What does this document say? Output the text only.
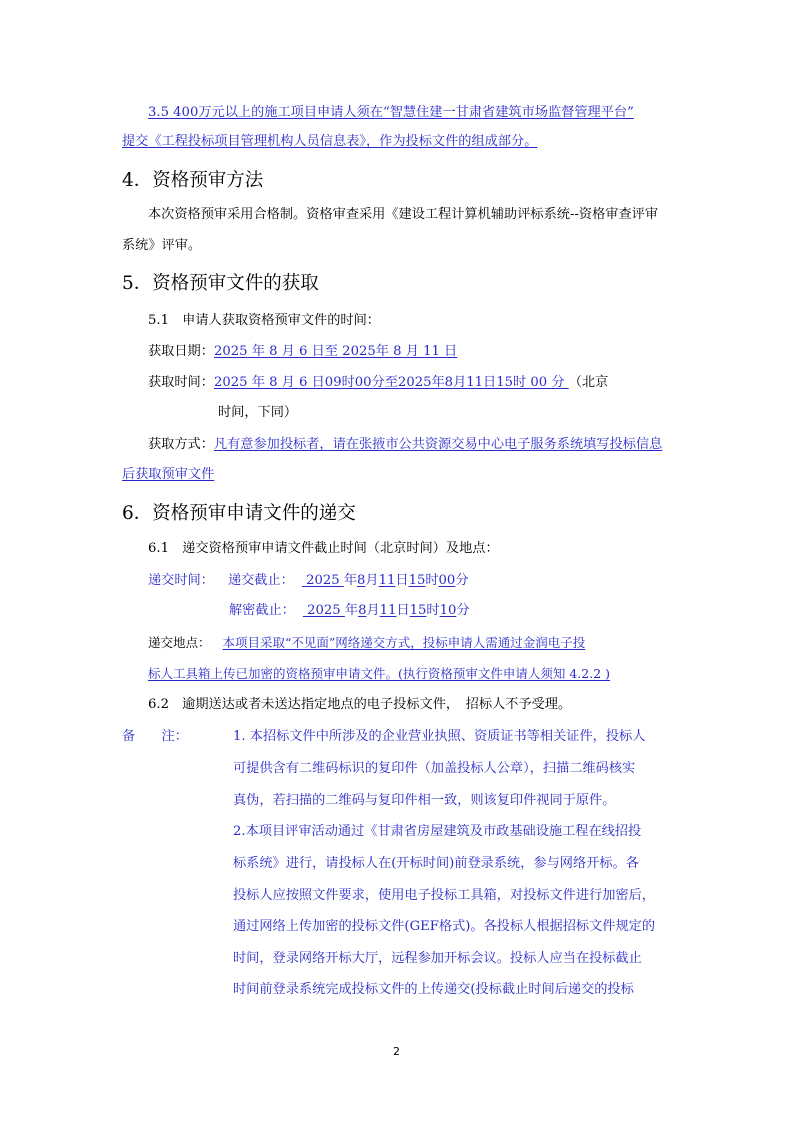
3.5 400万元以上的施工项目申请人须在“智慧住建一甘肃省建筑市场监督管理平台”
提交《工程投标项目管理机构人员信息表》，作为投标文件的组成部分。
4．资格预审方法
本次资格预审采用合格制。资格审查采用《建设工程计算机辅助评标系统--资格审查评审
系统》评审。
5．资格预审文件的获取
5.1　申请人获取资格预审文件的时间：
获取日期：2025 年 8 月 6 日至 2025年 8 月 11 日
获取时间：2025 年 8 月 6 日09时00分至2025年8月11日15时 00 分 （北京
时间，下同）
获取方式：凡有意参加投标者，请在张掖市公共资源交易中心电子服务系统填写投标信息
后获取预审文件
6．资格预审申请文件的递交
6.1　递交资格预审申请文件截止时间（北京时间）及地点：
递交时间： 递交截止： 2025 年8月11日15时00分
解密截止： 2025 年8月11日15时10分
递交地点： 本项目采取“不见面”网络递交方式，投标申请人需通过金润电子投
标人工具箱上传已加密的资格预审申请文件。(执行资格预审文件申请人须知 4.2.2 )
6.2　逾期送达或者未送达指定地点的电子投标文件，　招标人不予受理。
备　　注：	1. 本招标文件中所涉及的企业营业执照、资质证书等相关证件，投标人
可提供含有二维码标识的复印件（加盖投标人公章），扫描二维码核实
真伪，若扫描的二维码与复印件相一致，则该复印件视同于原件。
2.本项目评审活动通过《甘肃省房屋建筑及市政基础设施工程在线招投
标系统》进行，请投标人在(开标时间)前登录系统，参与网络开标。各
投标人应按照文件要求，使用电子投标工具箱，对投标文件进行加密后，
通过网络上传加密的投标文件(GEF格式)。各投标人根据招标文件规定的
时间，登录网络开标大厅，远程参加开标会议。投标人应当在投标截止
时间前登录系统完成投标文件的上传递交(投标截止时间后递交的投标
2
